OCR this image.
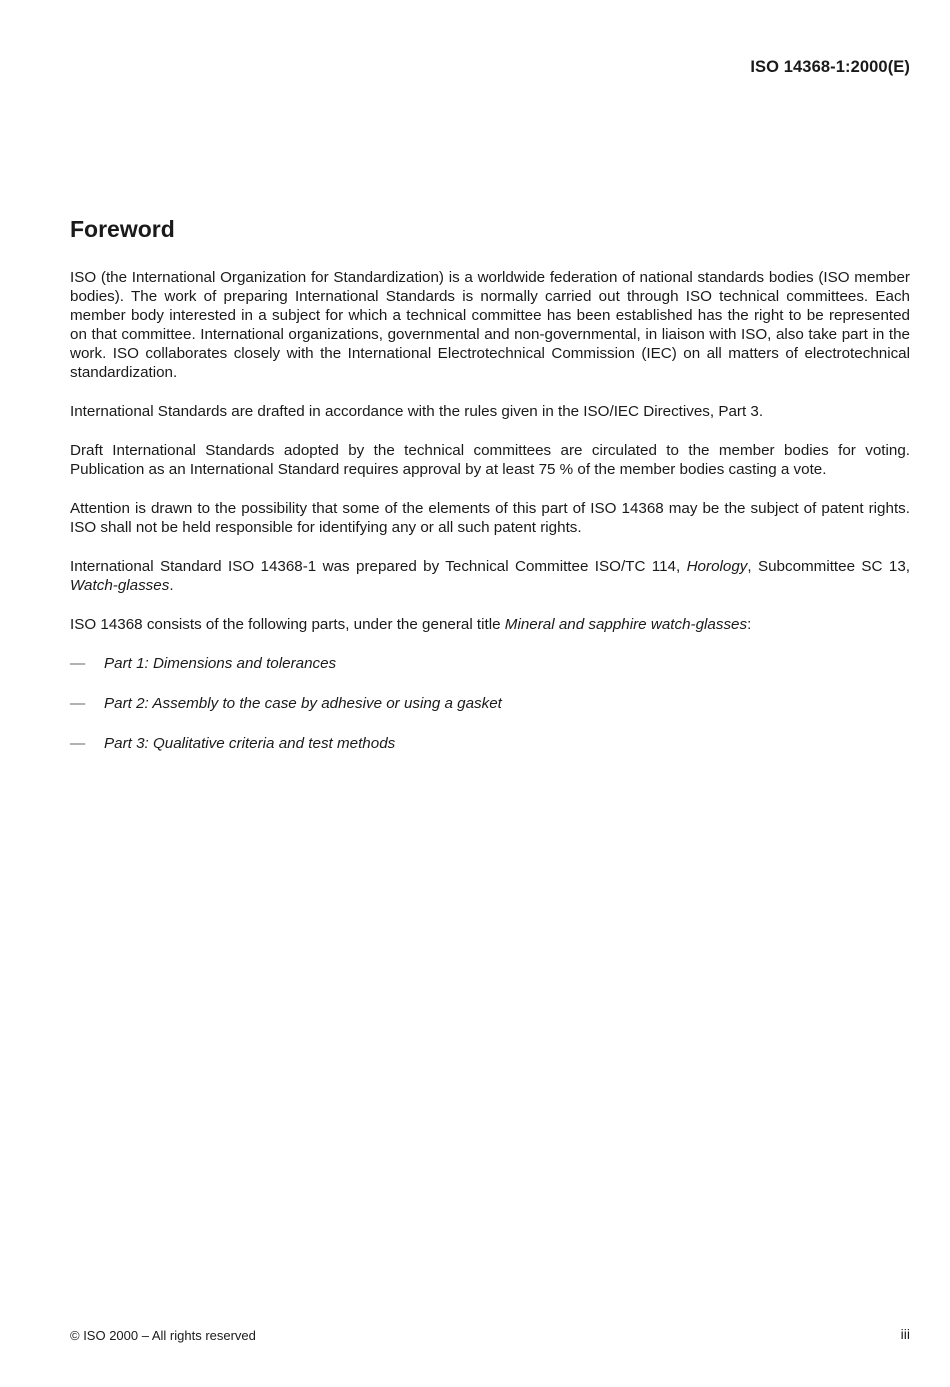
ISO 14368-1:2000(E)
Foreword

ISO (the International Organization for Standardization) is a worldwide federation of national standards bodies (ISO member bodies). The work of preparing International Standards is normally carried out through ISO technical committees. Each member body interested in a subject for which a technical committee has been established has the right to be represented on that committee. International organizations, governmental and non-governmental, in liaison with ISO, also take part in the work. ISO collaborates closely with the International Electrotechnical Commission (IEC) on all matters of electrotechnical standardization.

International Standards are drafted in accordance with the rules given in the ISO/IEC Directives, Part 3.

Draft International Standards adopted by the technical committees are circulated to the member bodies for voting. Publication as an International Standard requires approval by at least 75 % of the member bodies casting a vote.

Attention is drawn to the possibility that some of the elements of this part of ISO 14368 may be the subject of patent rights. ISO shall not be held responsible for identifying any or all such patent rights.

International Standard ISO 14368-1 was prepared by Technical Committee ISO/TC 114, Horology, Subcommittee SC 13, Watch-glasses.

ISO 14368 consists of the following parts, under the general title Mineral and sapphire watch-glasses:

— Part 1: Dimensions and tolerances
— Part 2: Assembly to the case by adhesive or using a gasket
— Part 3: Qualitative criteria and test methods
© ISO 2000 – All rights reserved	iii
